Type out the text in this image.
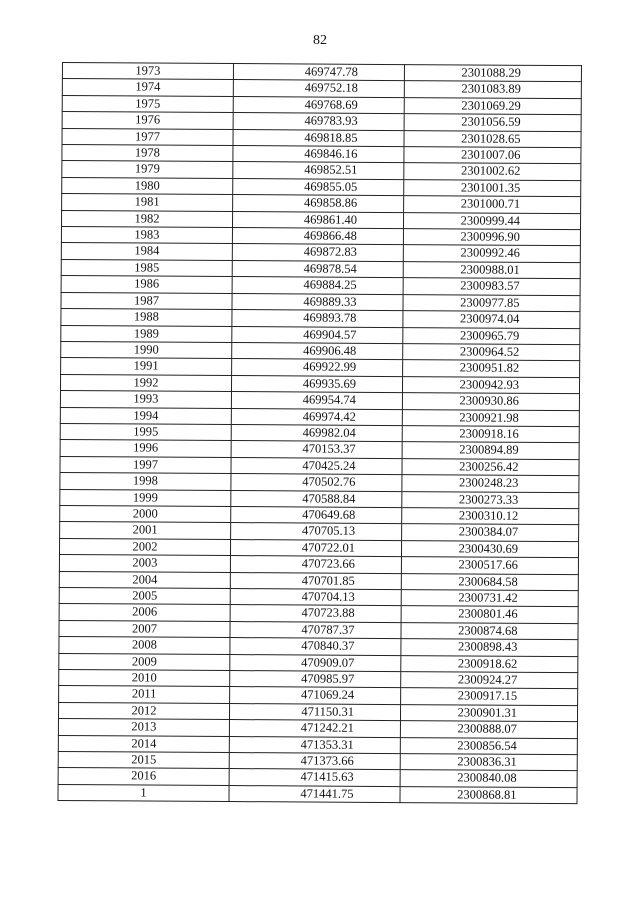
82
1973	469747.78	2301088.29
1974	469752.18	2301083.89
1975	469768.69	2301069.29
1976	469783.93	2301056.59
1977	469818.85	2301028.65
1978	469846.16	2301007.06
1979	469852.51	2301002.62
1980	469855.05	2301001.35
1981	469858.86	2301000.71
1982	469861.40	2300999.44
1983	469866.48	2300996.90
1984	469872.83	2300992.46
1985	469878.54	2300988.01
1986	469884.25	2300983.57
1987	469889.33	2300977.85
1988	469893.78	2300974.04
1989	469904.57	2300965.79
1990	469906.48	2300964.52
1991	469922.99	2300951.82
1992	469935.69	2300942.93
1993	469954.74	2300930.86
1994	469974.42	2300921.98
1995	469982.04	2300918.16
1996	470153.37	2300894.89
1997	470425.24	2300256.42
1998	470502.76	2300248.23
1999	470588.84	2300273.33
2000	470649.68	2300310.12
2001	470705.13	2300384.07
2002	470722.01	2300430.69
2003	470723.66	2300517.66
2004	470701.85	2300684.58
2005	470704.13	2300731.42
2006	470723.88	2300801.46
2007	470787.37	2300874.68
2008	470840.37	2300898.43
2009	470909.07	2300918.62
2010	470985.97	2300924.27
2011	471069.24	2300917.15
2012	471150.31	2300901.31
2013	471242.21	2300888.07
2014	471353.31	2300856.54
2015	471373.66	2300836.31
2016	471415.63	2300840.08
1	471441.75	2300868.81
